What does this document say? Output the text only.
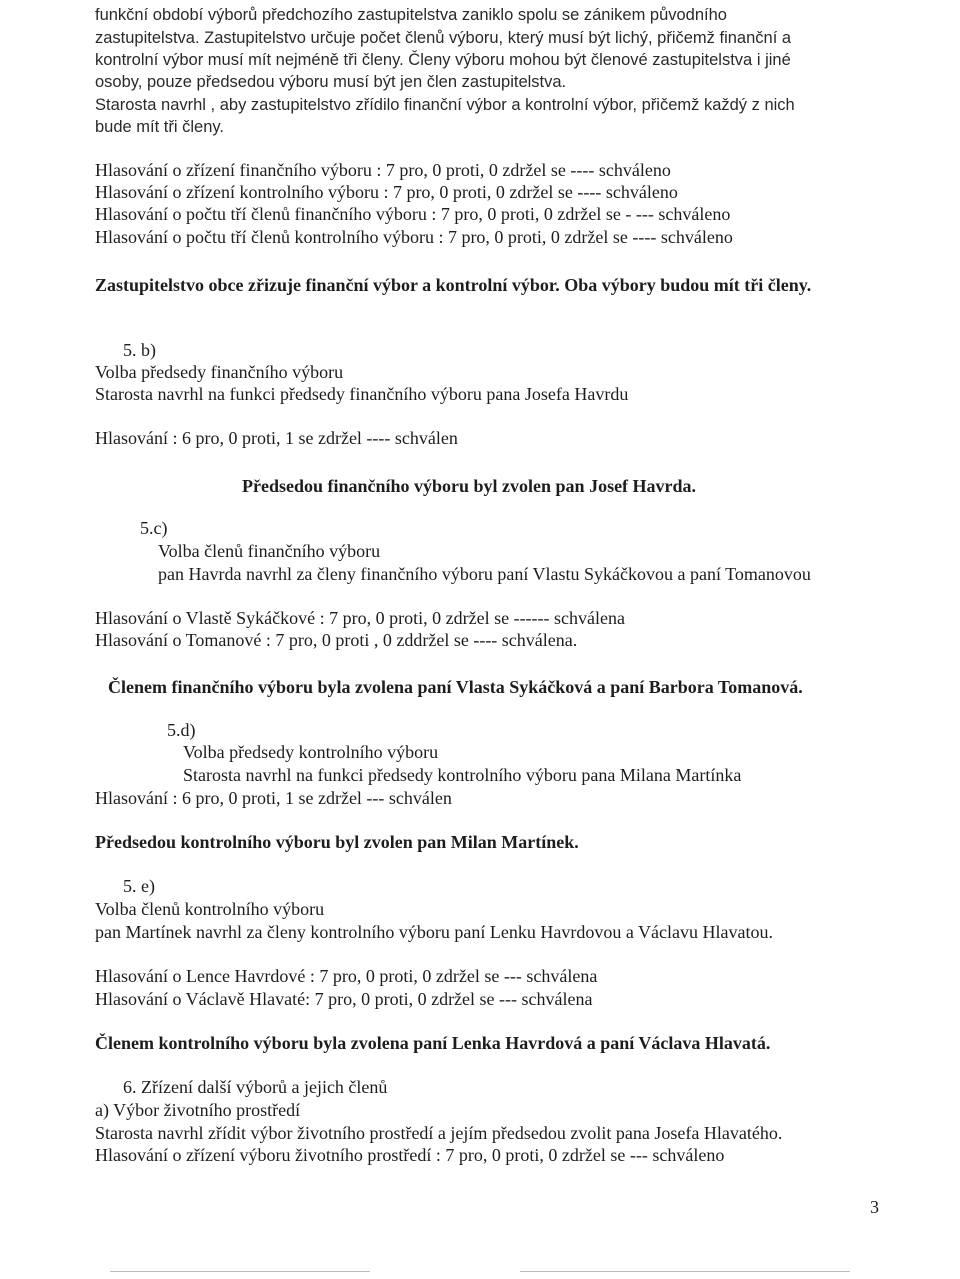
funkční období výborů předchozího zastupitelstva zaniklo spolu se zánikem původního
zastupitelstva. Zastupitelstvo určuje počet členů výboru, který musí být lichý, přičemž finanční a
kontrolní výbor musí mít nejméně tři členy. Členy výboru mohou být členové zastupitelstva i jiné
osoby, pouze předsedou výboru musí být jen člen zastupitelstva.
Starosta navrhl , aby zastupitelstvo zřídilo finanční výbor a kontrolní výbor, přičemž každý z nich
bude mít tři členy.
Hlasování o zřízení finančního výboru : 7 pro, 0 proti, 0 zdržel se ---- schváleno
Hlasování o zřízení kontrolního výboru : 7 pro, 0 proti, 0 zdržel se ---- schváleno
Hlasování o počtu tří členů finančního výboru : 7 pro, 0 proti, 0 zdržel se - --- schváleno
Hlasování o počtu tří členů kontrolního výboru : 7 pro, 0 proti, 0 zdržel se ---- schváleno
Zastupitelstvo obce zřizuje finanční výbor a kontrolní výbor. Oba výbory budou mít tři členy.
5. b)
Volba předsedy finančního výboru
Starosta navrhl na funkci předsedy finančního výboru pana Josefa Havrdu
Hlasování : 6 pro, 0 proti, 1 se zdržel ---- schválen
Předsedou finančního výboru byl zvolen pan Josef Havrda.
5.c)
Volba členů finančního výboru
pan Havrda navrhl za členy finančního výboru paní Vlastu Sykáčkovou a paní Tomanovou
Hlasování o Vlastě Sykáčkové : 7 pro, 0 proti, 0 zdržel se ------ schválena
Hlasování o Tomanové : 7 pro, 0 proti , 0 zddržel se ---- schválena.
Členem finančního výboru byla zvolena paní Vlasta Sykáčková a paní Barbora Tomanová.
5.d)
Volba předsedy kontrolního výboru
Starosta navrhl na funkci předsedy kontrolního výboru pana Milana Martínka
Hlasování : 6 pro, 0 proti, 1 se zdržel --- schválen
Předsedou kontrolního výboru byl zvolen pan Milan Martínek.
5. e)
Volba členů kontrolního výboru
pan Martínek navrhl za členy kontrolního výboru paní Lenku Havrdovou a Václavu Hlavatou.
Hlasování o Lence Havrdové : 7 pro, 0 proti, 0 zdržel se --- schválena
Hlasování o Václavě Hlavaté: 7 pro, 0 proti, 0 zdržel se --- schválena
Členem kontrolního výboru byla zvolena paní Lenka Havrdová a paní Václava Hlavatá.
6. Zřízení další výborů a jejich členů
a) Výbor životního prostředí
Starosta navrhl zřídit výbor životního prostředí a jejím předsedou zvolit pana Josefa Hlavatého.
Hlasování o zřízení výboru životního prostředí : 7 pro, 0 proti, 0 zdržel se --- schváleno
3
